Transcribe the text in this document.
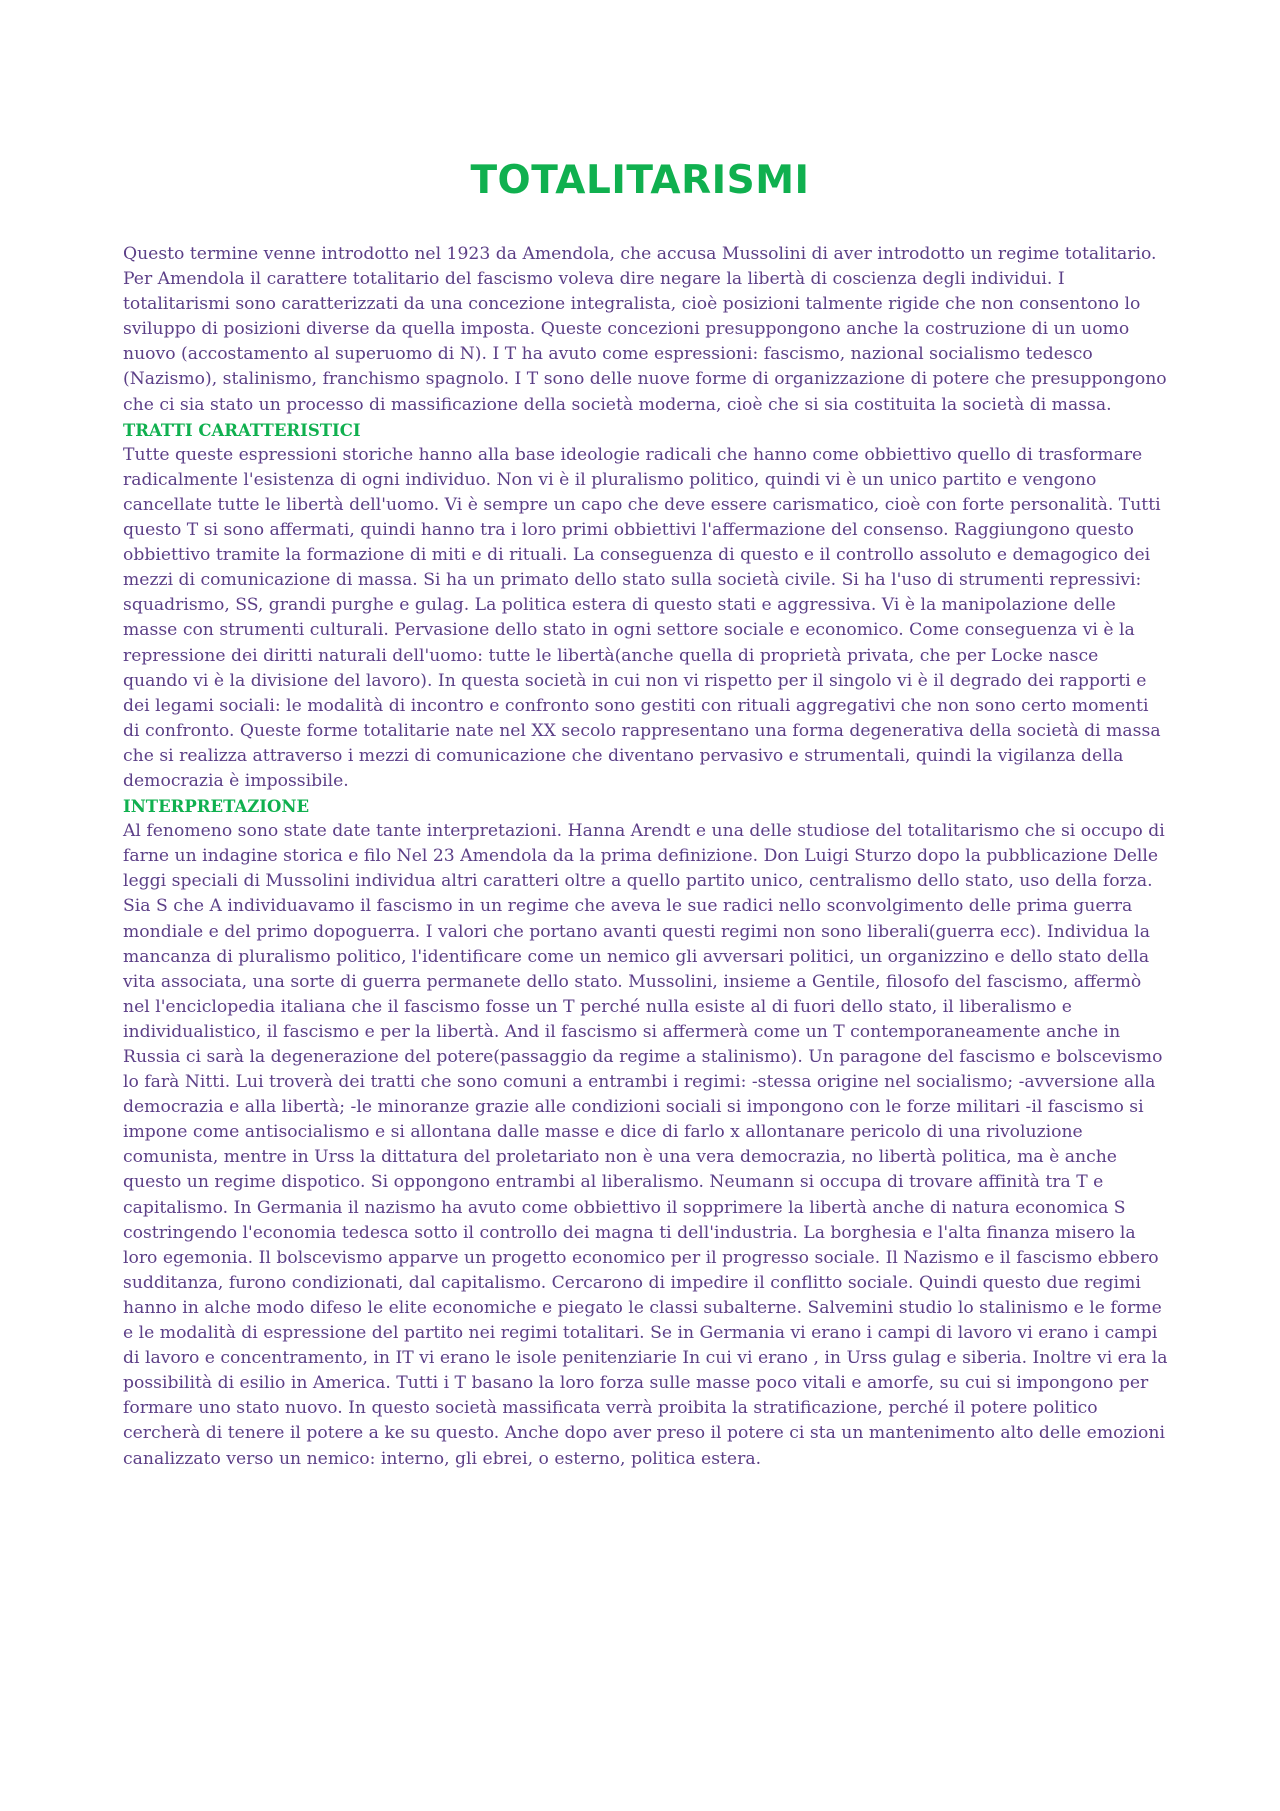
TOTALITARISMI

Questo termine venne introdotto nel 1923 da Amendola, che accusa Mussolini di aver introdotto un regime totalitario. Per Amendola il carattere totalitario del fascismo voleva dire negare la libertà di coscienza degli individui. I totalitarismi sono caratterizzati da una concezione integralista, cioè posizioni talmente rigide che non consentono lo sviluppo di posizioni diverse da quella imposta. Queste concezioni presuppongono anche la costruzione di un uomo nuovo (accostamento al superuomo di N). I T ha avuto come espressioni: fascismo, nazional socialismo tedesco (Nazismo), stalinismo, franchismo spagnolo. I T sono delle nuove forme di organizzazione di potere che presuppongono che ci sia stato un processo di massificazione della società moderna, cioè che si sia costituita la società di massa.

TRATTI CARATTERISTICI

Tutte queste espressioni storiche hanno alla base ideologie radicali che hanno come obbiettivo quello di trasformare radicalmente l'esistenza di ogni individuo. Non vi è il pluralismo politico, quindi vi è un unico partito e vengono cancellate tutte le libertà dell'uomo. Vi è sempre un capo che deve essere carismatico, cioè con forte personalità. Tutti questo T si sono affermati, quindi hanno tra i loro primi obbiettivi l'affermazione del consenso. Raggiungono questo obbiettivo tramite la formazione di miti e di rituali. La conseguenza di questo e il controllo assoluto e demagogico dei mezzi di comunicazione di massa. Si ha un primato dello stato sulla società civile. Si ha l'uso di strumenti repressivi: squadrismo, SS, grandi purghe e gulag. La politica estera di questo stati e aggressiva. Vi è la manipolazione delle masse con strumenti culturali. Pervasione dello stato in ogni settore sociale e economico. Come conseguenza vi è la repressione dei diritti naturali dell'uomo: tutte le libertà(anche quella di proprietà privata, che per Locke nasce quando vi è la divisione del lavoro). In questa società in cui non vi rispetto per il singolo vi è il degrado dei rapporti e dei legami sociali: le modalità di incontro e confronto sono gestiti con rituali aggregativi che non sono certo momenti di confronto. Queste forme totalitarie nate nel XX secolo rappresentano una forma degenerativa della società di massa che si realizza attraverso i mezzi di comunicazione che diventano pervasivo e strumentali, quindi la vigilanza della democrazia è impossibile.

INTERPRETAZIONE

Al fenomeno sono state date tante interpretazioni. Hanna Arendt e una delle studiose del totalitarismo che si occupo di farne un indagine storica e filo Nel 23 Amendola da la prima definizione. Don Luigi Sturzo dopo la pubblicazione Delle leggi speciali di Mussolini individua altri caratteri oltre a quello partito unico, centralismo dello stato, uso della forza. Sia S che A individuavamo il fascismo in un regime che aveva le sue radici nello sconvolgimento delle prima guerra mondiale e del primo dopoguerra. I valori che portano avanti questi regimi non sono liberali(guerra ecc). Individua la mancanza di pluralismo politico, l'identificare come un nemico gli avversari politici, un organizzino e dello stato della vita associata, una sorte di guerra permanete dello stato. Mussolini, insieme a Gentile, filosofo del fascismo, affermò nel l'enciclopedia italiana che il fascismo fosse un T perché nulla esiste al di fuori dello stato, il liberalismo e individualistico, il fascismo e per la libertà. And il fascismo si affermerà come un T contemporaneamente anche in Russia ci sarà la degenerazione del potere(passaggio da regime a stalinismo). Un paragone del fascismo e bolscevismo lo farà Nitti. Lui troverà dei tratti che sono comuni a entrambi i regimi: -stessa origine nel socialismo; -avversione alla democrazia e alla libertà; -le minoranze grazie alle condizioni sociali si impongono con le forze militari -il fascismo si impone come antisocialismo e si allontana dalle masse e dice di farlo x allontanare pericolo di una rivoluzione comunista, mentre in Urss la dittatura del proletariato non è una vera democrazia, no libertà politica, ma è anche questo un regime dispotico. Si oppongono entrambi al liberalismo. Neumann si occupa di trovare affinità tra T e capitalismo. In Germania il nazismo ha avuto come obbiettivo il sopprimere la libertà anche di natura economica S costringendo l'economia tedesca sotto il controllo dei magna ti dell'industria. La borghesia e l'alta finanza misero la loro egemonia. Il bolscevismo apparve un progetto economico per il progresso sociale. Il Nazismo e il fascismo ebbero sudditanza, furono condizionati, dal capitalismo. Cercarono di impedire il conflitto sociale. Quindi questo due regimi hanno in alche modo difeso le elite economiche e piegato le classi subalterne. Salvemini studio lo stalinismo e le forme e le modalità di espressione del partito nei regimi totalitari. Se in Germania vi erano i campi di lavoro vi erano i campi di lavoro e concentramento, in IT vi erano le isole penitenziarie In cui vi erano , in Urss gulag e siberia. Inoltre vi era la possibilità di esilio in America. Tutti i T basano la loro forza sulle masse poco vitali e amorfe, su cui si impongono per formare uno stato nuovo. In questo società massificata verrà proibita la stratificazione, perché il potere politico cercherà di tenere il potere a ke su questo. Anche dopo aver preso il potere ci sta un mantenimento alto delle emozioni canalizzato verso un nemico: interno, gli ebrei, o esterno, politica estera.
